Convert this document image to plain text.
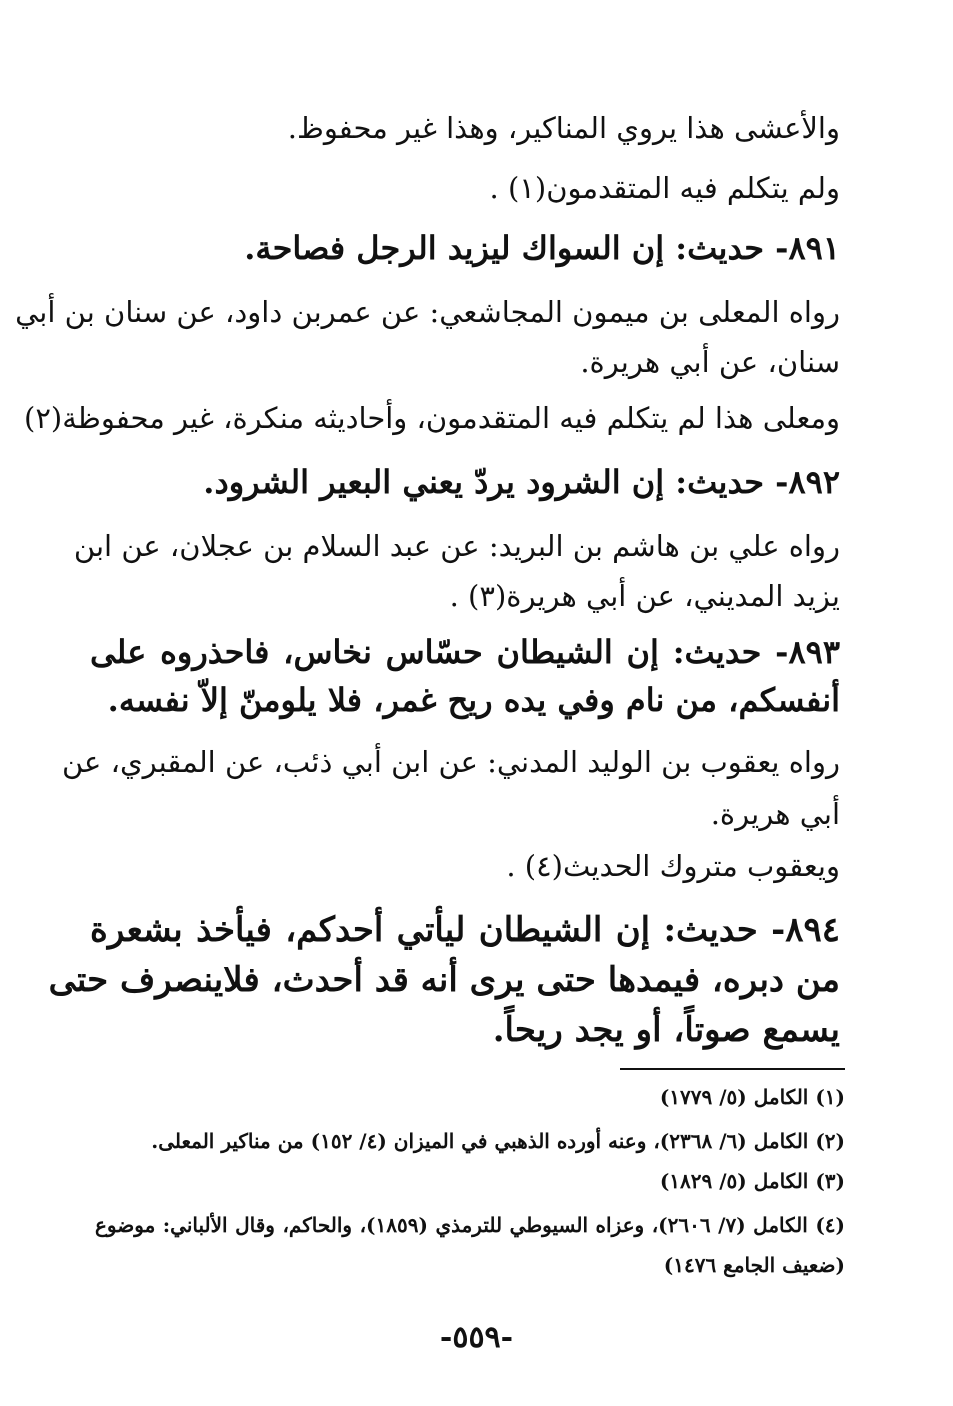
والأعشى هذا يروي المناكير، وهذا غير محفوظ.
ولم يتكلم فيه المتقدمون(١) .
٨٩١- حديث: إن السواك ليزيد الرجل فصاحة.
رواه المعلى بن ميمون المجاشعي: عن عمربن داود، عن سنان بن أبي
سنان، عن أبي هريرة.
ومعلى هذا لم يتكلم فيه المتقدمون، وأحاديثه منكرة، غير محفوظة(٢)
٨٩٢- حديث: إن الشرود يردّ يعني البعير الشرود.
رواه علي بن هاشم بن البريد: عن عبد السلام بن عجلان، عن ابن
يزيد المديني، عن أبي هريرة(٣) .
٨٩٣- حديث: إن الشيطان حسّاس نخاس، فاحذروه على
أنفسكم، من نام وفي يده ريح غمر، فلا يلومنّ إلاّ نفسه.
رواه يعقوب بن الوليد المدني: عن ابن أبي ذئب، عن المقبري، عن
أبي هريرة.
ويعقوب متروك الحديث(٤) .
٨٩٤- حديث: إن الشيطان ليأتي أحدكم، فيأخذ بشعرة
من دبره، فيمدها حتى يرى أنه قد أحدث، فلاينصرف حتى
يسمع صوتاً، أو يجد ريحاً.
(١) الكامل (٥/ ١٧٧٩)
(٢) الكامل (٦/ ٢٣٦٨)، وعنه أورده الذهبي في الميزان (٤/ ١٥٢) من مناكير المعلى.
(٣) الكامل (٥/ ١٨٢٩)
(٤) الكامل (٧/ ٢٦٠٦)، وعزاه السيوطي للترمذي (١٨٥٩)، والحاكم، وقال الألباني: موضوع
(ضعيف الجامع ١٤٧٦)
-٥٥٩-
